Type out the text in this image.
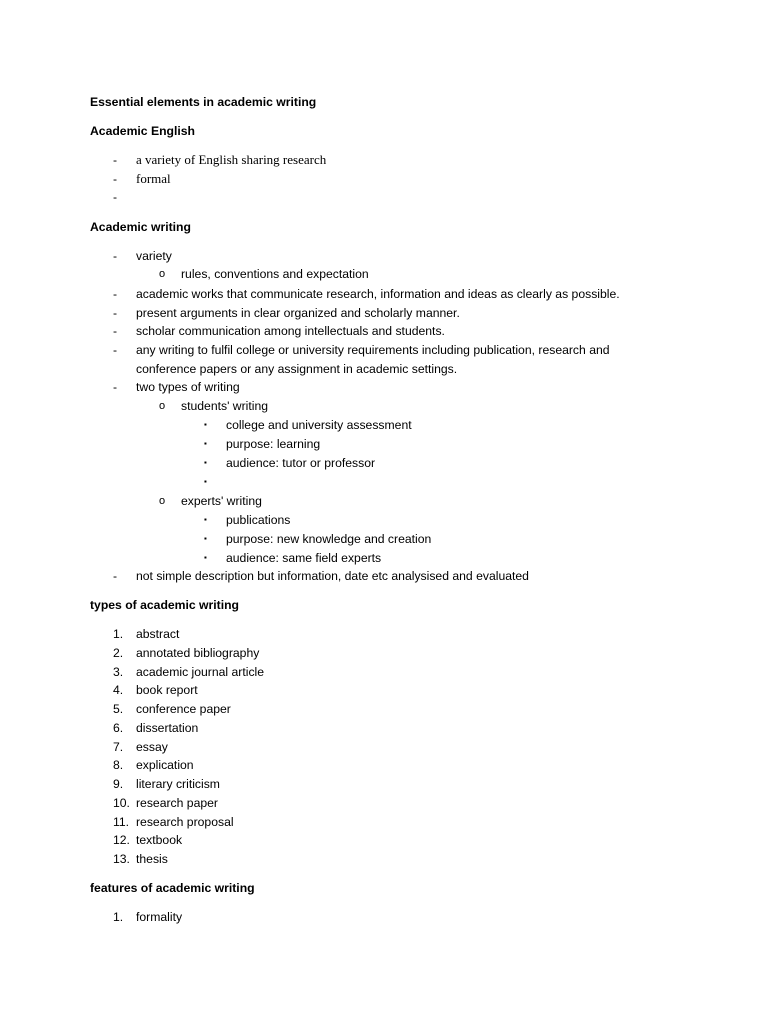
Essential elements in academic writing
Academic English
- a variety of English sharing research
- formal
-
Academic writing
- variety
o rules, conventions and expectation
- academic works that communicate research, information and ideas as clearly as possible.
- present arguments in clear organized and scholarly manner.
- scholar communication among intellectuals and students.
- any writing to fulfil college or university requirements including publication, research and
conference papers or any assignment in academic settings.
- two types of writing
o students' writing
▪ college and university assessment
▪ purpose: learning
▪ audience: tutor or professor
▪
o experts' writing
▪ publications
▪ purpose: new knowledge and creation
▪ audience: same field experts
- not simple description but information, date etc analysised and evaluated
types of academic writing
1. abstract
2. annotated bibliography
3. academic journal article
4. book report
5. conference paper
6. dissertation
7. essay
8. explication
9. literary criticism
10. research paper
11. research proposal
12. textbook
13. thesis
features of academic writing
1. formality
